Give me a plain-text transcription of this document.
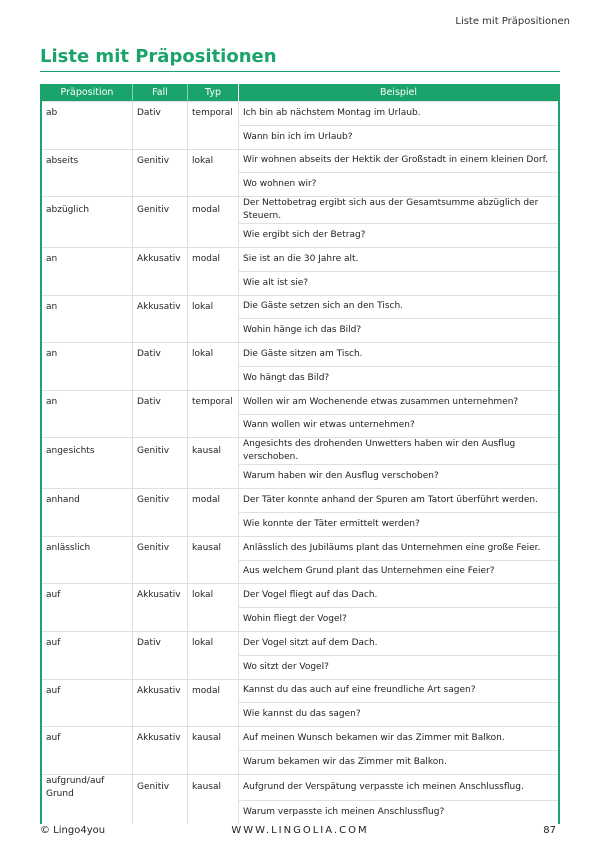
Liste mit Präpositionen
Liste mit Präpositionen
Präposition	Fall	Typ	Beispiel
ab	Dativ	temporal	Ich bin ab nächstem Montag im Urlaub.
			Wann bin ich im Urlaub?
abseits	Genitiv	lokal	Wir wohnen abseits der Hektik der Großstadt in einem kleinen Dorf.
			Wo wohnen wir?
abzüglich	Genitiv	modal	Der Nettobetrag ergibt sich aus der Gesamtsumme abzüglich der Steuern.
			Wie ergibt sich der Betrag?
an	Akkusativ	modal	Sie ist an die 30 Jahre alt.
			Wie alt ist sie?
an	Akkusativ	lokal	Die Gäste setzen sich an den Tisch.
			Wohin hänge ich das Bild?
an	Dativ	lokal	Die Gäste sitzen am Tisch.
			Wo hängt das Bild?
an	Dativ	temporal	Wollen wir am Wochenende etwas zusammen unternehmen?
			Wann wollen wir etwas unternehmen?
angesichts	Genitiv	kausal	Angesichts des drohenden Unwetters haben wir den Ausflug verschoben.
			Warum haben wir den Ausflug verschoben?
anhand	Genitiv	modal	Der Täter konnte anhand der Spuren am Tatort überführt werden.
			Wie konnte der Täter ermittelt werden?
anlässlich	Genitiv	kausal	Anlässlich des Jubiläums plant das Unternehmen eine große Feier.
			Aus welchem Grund plant das Unternehmen eine Feier?
auf	Akkusativ	lokal	Der Vogel fliegt auf das Dach.
			Wohin fliegt der Vogel?
auf	Dativ	lokal	Der Vogel sitzt auf dem Dach.
			Wo sitzt der Vogel?
auf	Akkusativ	modal	Kannst du das auch auf eine freundliche Art sagen?
			Wie kannst du das sagen?
auf	Akkusativ	kausal	Auf meinen Wunsch bekamen wir das Zimmer mit Balkon.
			Warum bekamen wir das Zimmer mit Balkon.
aufgrund/auf Grund	Genitiv	kausal	Aufgrund der Verspätung verpasste ich meinen Anschlussflug.
			Warum verpasste ich meinen Anschlussflug?
© Lingo4you	WWW.LINGOLIA.COM	87
